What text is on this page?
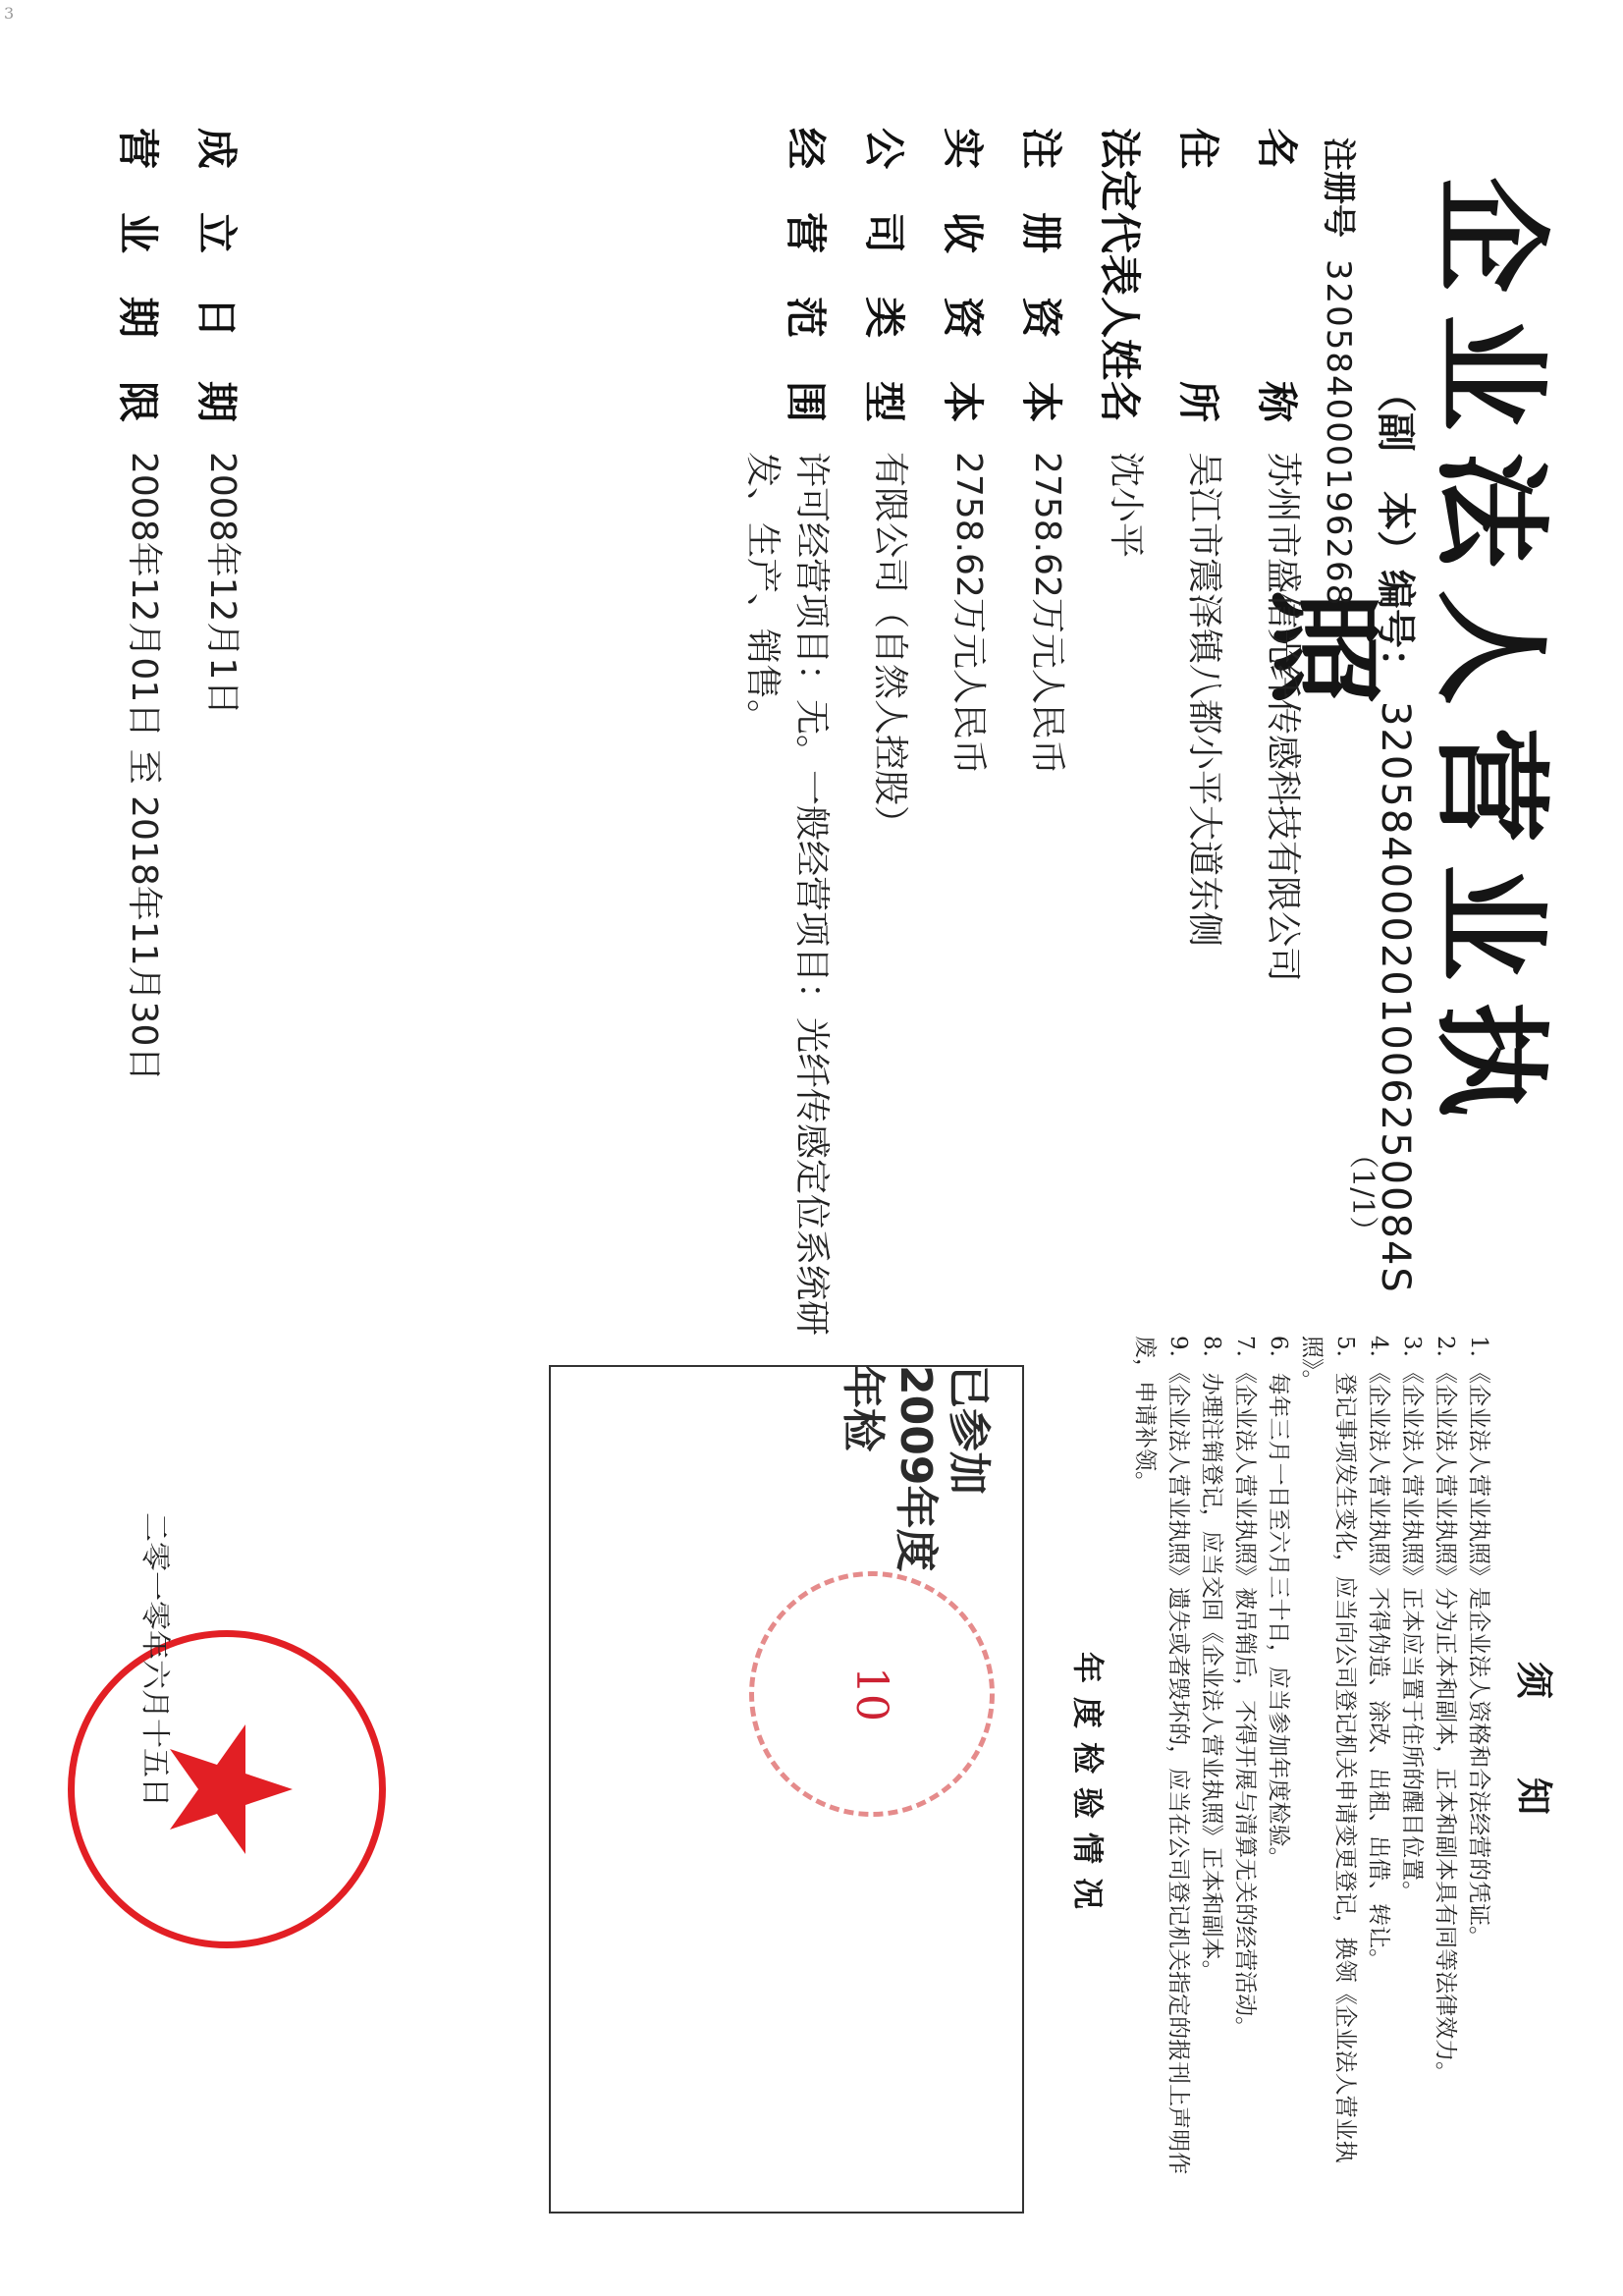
3
企业法人营业执照
（副　本）编号： 320584000201006250084S
（1/1）
注册号 320584000196268
名称
苏州市盛信光纤传感科技有限公司
住所
吴江市震泽镇八都小平大道东侧
法定代表人姓名
沈小平
注册资本
2758.62万元人民币
实收资本
2758.62万元人民币
公司类型
有限公司（自然人控股）
经营范围
许可经营项目：无。一般经营项目：光纤传感定位系统研发、生产、销售。
成立日期
2008年12月1日
营业期限
2008年12月01日 至 2018年11月30日
须知
1．《企业法人营业执照》是企业法人资格和合法经营的凭证。
2．《企业法人营业执照》分为正本和副本，正本和副本具有同等法律效力。
3．《企业法人营业执照》正本应当置于住所的醒目位置。
4．《企业法人营业执照》不得伪造、涂改、出租、出借、转让。
5．登记事项发生变化，应当向公司登记机关申请变更登记，换领《企业法人营业执照》。
6．每年三月一日至六月三十日，应当参加年度检验。
7．《企业法人营业执照》被吊销后，不得开展与清算无关的经营活动。
8．办理注销登记，应当交回《企业法人营业执照》正本和副本。
9．《企业法人营业执照》遗失或者毁坏的，应当在公司登记机关指定的报刊上声明作废，申请补领。
年度检验情况
已参加
2009年度
年检
10
二零一零年六月十五日
